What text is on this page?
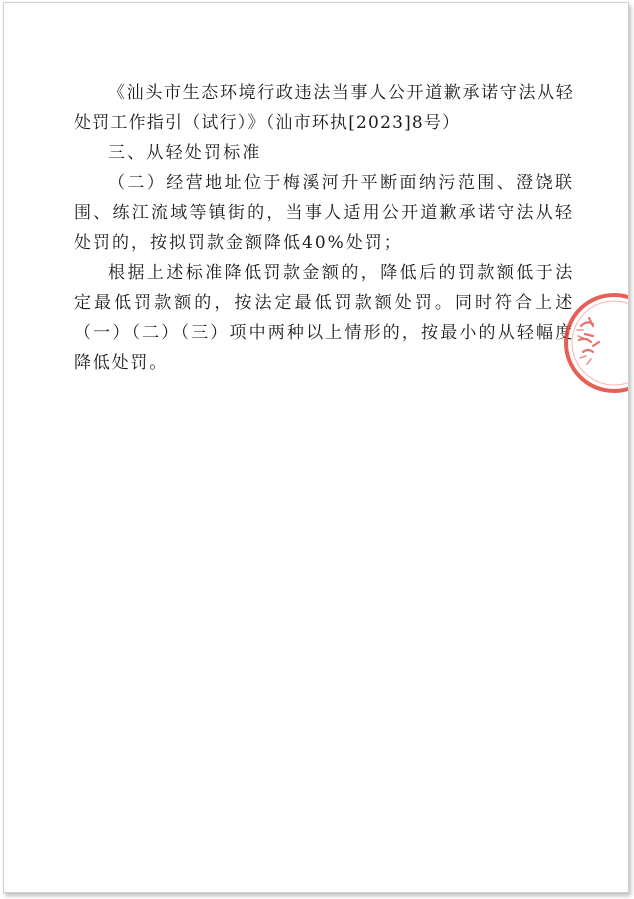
《汕头市生态环境行政违法当事人公开道歉承诺守法从轻处罚工作指引（试行）》（汕市环执[2023]8号）

三、从轻处罚标准

（二）经营地址位于梅溪河升平断面纳污范围、澄饶联围、练江流域等镇街的，当事人适用公开道歉承诺守法从轻处罚的，按拟罚款金额降低40%处罚；

根据上述标准降低罚款金额的，降低后的罚款额低于法定最低罚款额的，按法定最低罚款额处罚。同时符合上述（一）（二）（三）项中两种以上情形的，按最小的从轻幅度降低处罚。
